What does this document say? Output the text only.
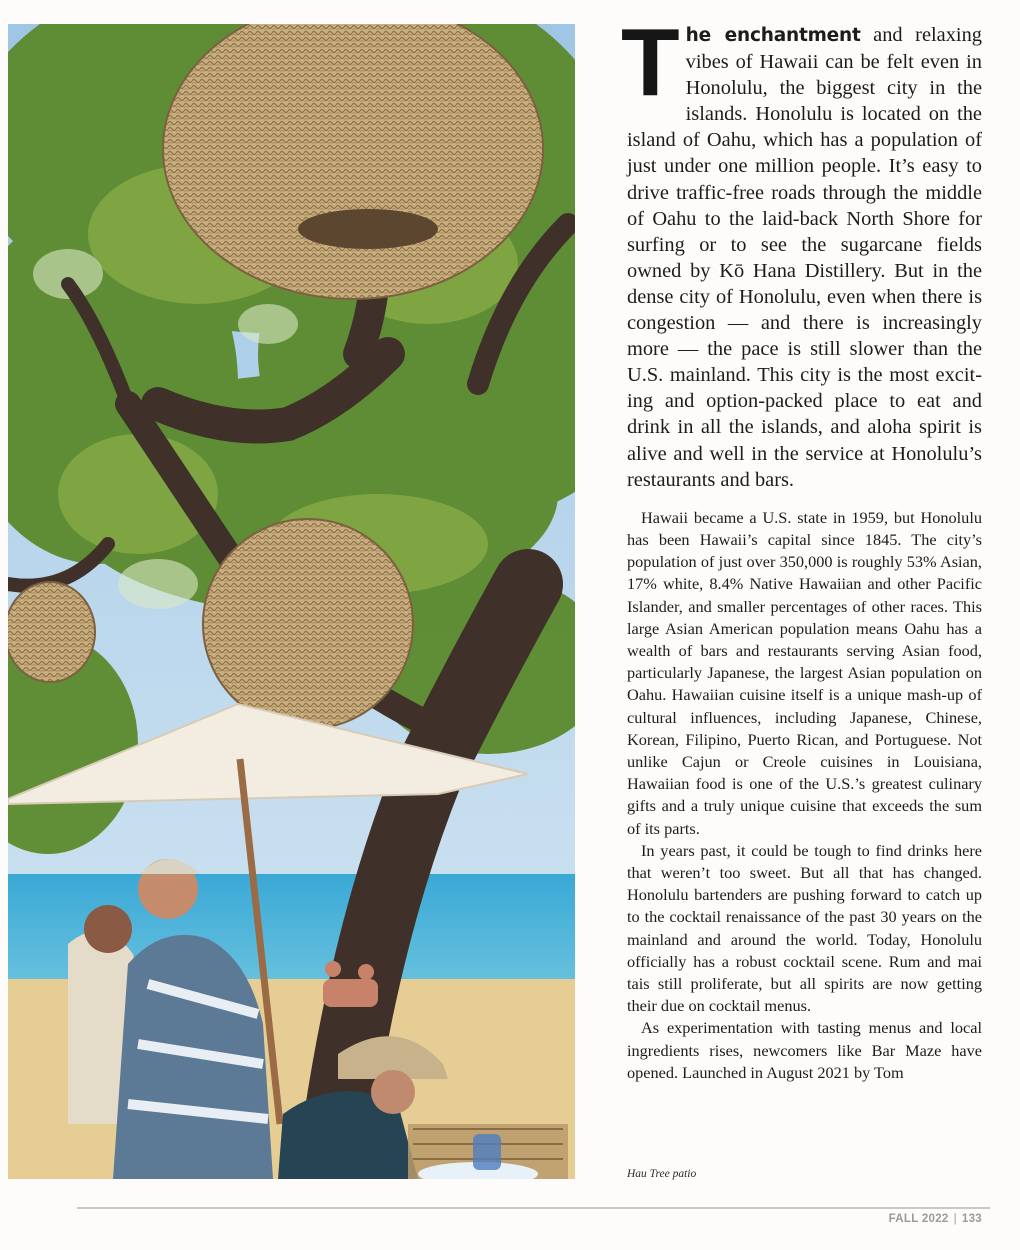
The enchantment and relaxing vibes of Hawaii can be felt even in Honolulu, the biggest city in the islands. Honolulu is located on the island of Oahu, which has a population of just under one million people. It’s easy to drive traffic-free roads through the middle of Oahu to the laid-back North Shore for surfing or to see the sugarcane fields owned by Kō Hana Distillery. But in the dense city of Honolulu, even when there is congestion — and there is increasingly more — the pace is still slower than the U.S. mainland. This city is the most exciting and option-packed place to eat and drink in all the islands, and aloha spirit is alive and well in the service at Honolulu’s restaurants and bars.

Hawaii became a U.S. state in 1959, but Honolulu has been Hawaii’s capital since 1845. The city’s population of just over 350,000 is roughly 53% Asian, 17% white, 8.4% Native Hawaiian and other Pacific Islander, and smaller percentages of other races. This large Asian American population means Oahu has a wealth of bars and restaurants serving Asian food, particularly Japanese, the largest Asian population on Oahu. Hawaiian cuisine itself is a unique mash-up of cultural influences, including Japanese, Chinese, Korean, Filipino, Puerto Rican, and Portuguese. Not unlike Cajun or Creole cuisines in Louisiana, Hawaiian food is one of the U.S.’s greatest culinary gifts and a truly unique cuisine that exceeds the sum of its parts.

In years past, it could be tough to find drinks here that weren’t too sweet. But all that has changed. Honolulu bartenders are pushing forward to catch up to the cocktail renaissance of the past 30 years on the mainland and around the world. Today, Honolulu officially has a robust cocktail scene. Rum and mai tais still proliferate, but all spirits are now getting their due on cocktail menus.

As experimentation with tasting menus and local ingredients rises, newcomers like Bar Maze have opened. Launched in August 2021 by Tom

Hau Tree patio
FALL 2022 | 133
